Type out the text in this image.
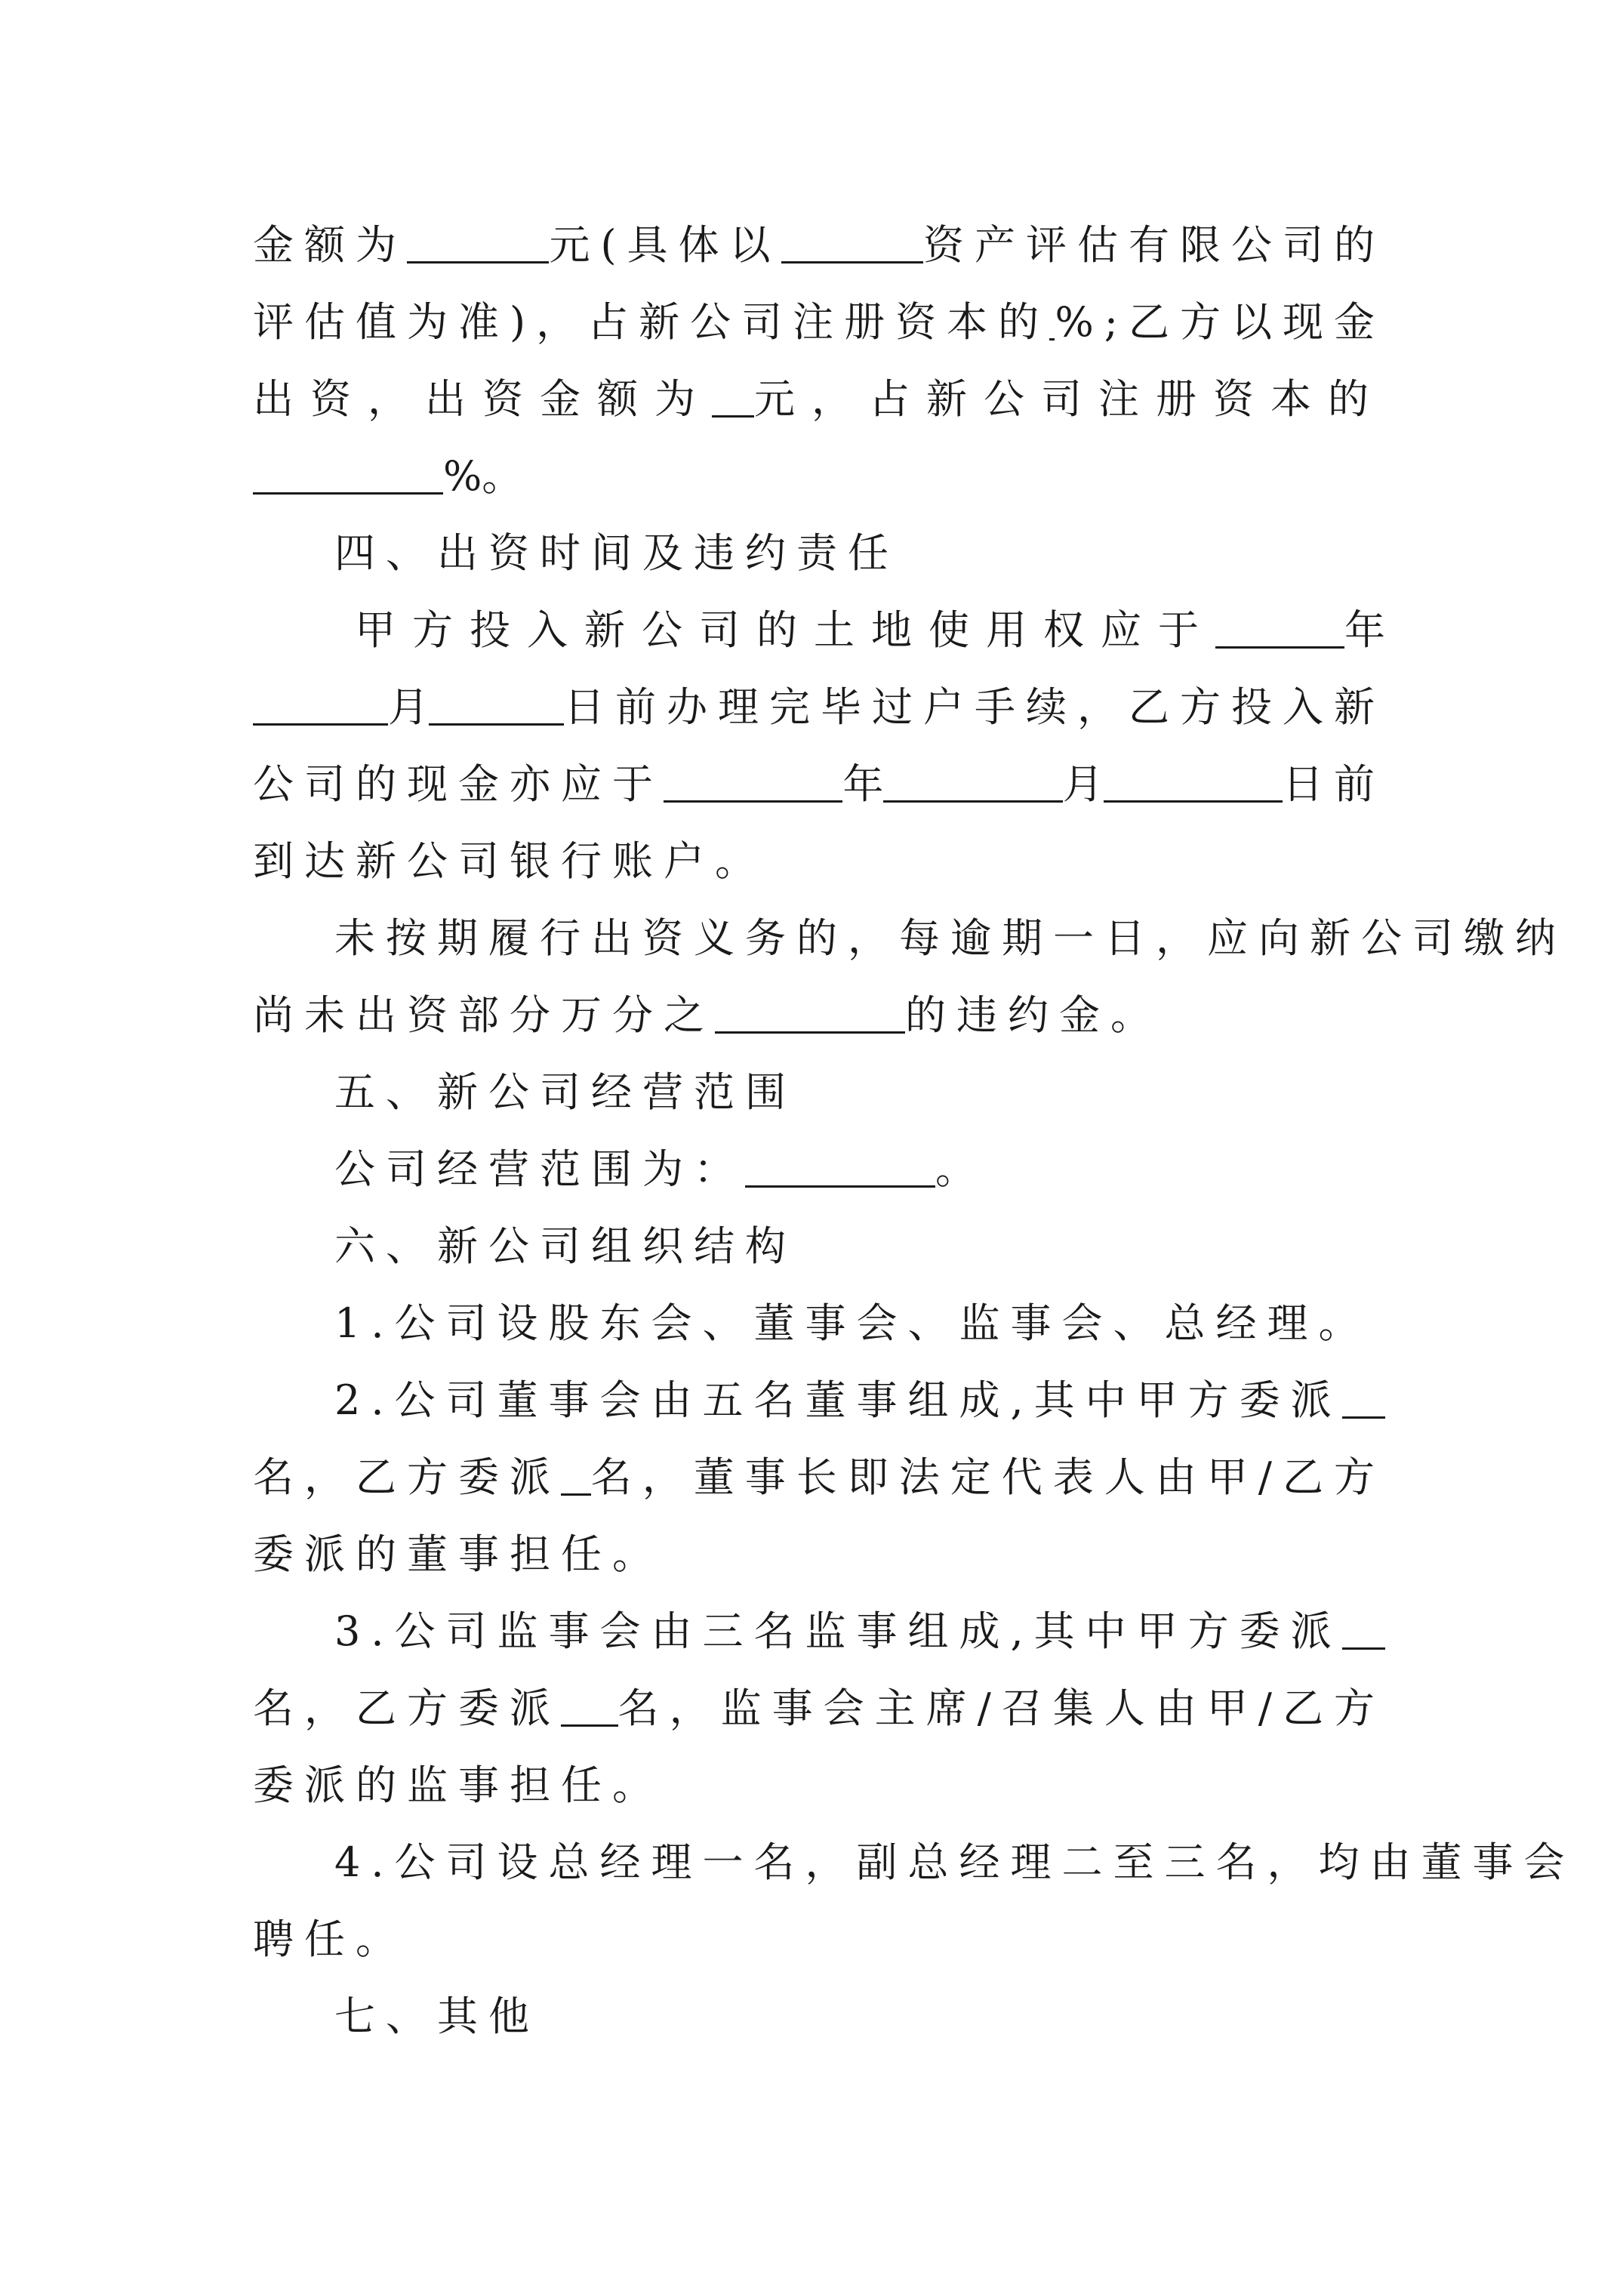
金额为	元(具体以	资产评估有限公司的
评估值为准)，占新公司注册资本的 %;乙方以现金
出资，出资金额为 元，占新公司注册资本的
%。
四、出资时间及违约责任
甲方投入新公司的土地使用权应于	年
月	日前办理完毕过户手续，乙方投入新
公司的现金亦应于	年	月	日前
到达新公司银行账户。
未按期履行出资义务的，每逾期一日，应向新公司缴纳
尚未出资部分万分之	的违约金。
五、新公司经营范围
公司经营范围为：	。
六、新公司组织结构
1.公司设股东会、董事会、监事会、总经理。
2.公司董事会由五名董事组成,其中甲方委派
名，乙方委派 名，董事长即法定代表人由甲/乙方
委派的董事担任。
3.公司监事会由三名监事组成,其中甲方委派
名，乙方委派 名，监事会主席/召集人由甲/乙方
委派的监事担任。
4.公司设总经理一名，副总经理二至三名，均由董事会
聘任。
七、其他
